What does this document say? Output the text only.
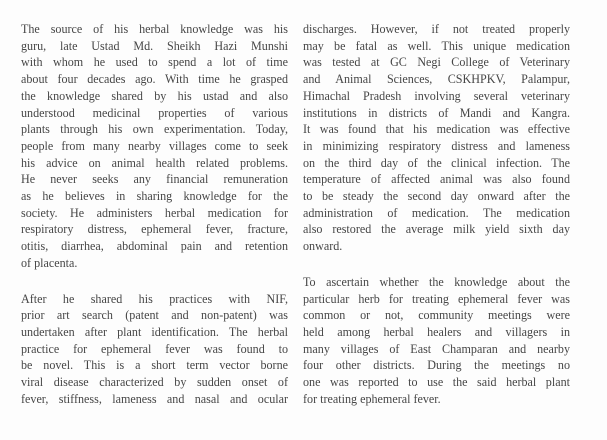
The source of his herbal knowledge was his
guru, late Ustad Md. Sheikh Hazi Munshi
with whom he used to spend a lot of time
about four decades ago. With time he grasped
the knowledge shared by his ustad and also
understood medicinal properties of various
plants through his own experimentation. Today,
people from many nearby villages come to seek
his advice on animal health related problems.
He never seeks any financial remuneration
as he believes in sharing knowledge for the
society. He administers herbal medication for
respiratory distress, ephemeral fever, fracture,
otitis, diarrhea, abdominal pain and retention
of placenta.
After he shared his practices with NIF,
prior art search (patent and non-patent) was
undertaken after plant identification. The herbal
practice for ephemeral fever was found to
be novel. This is a short term vector borne
viral disease characterized by sudden onset of
fever, stiffness, lameness and nasal and ocular
discharges. However, if not treated properly
may be fatal as well. This unique medication
was tested at GC Negi College of Veterinary
and Animal Sciences, CSKHPKV, Palampur,
Himachal Pradesh involving several veterinary
institutions in districts of Mandi and Kangra.
It was found that his medication was effective
in minimizing respiratory distress and lameness
on the third day of the clinical infection. The
temperature of affected animal was also found
to be steady the second day onward after the
administration of medication. The medication
also restored the average milk yield sixth day
onward.
To ascertain whether the knowledge about the
particular herb for treating ephemeral fever was
common or not, community meetings were
held among herbal healers and villagers in
many villages of East Champaran and nearby
four other districts. During the meetings no
one was reported to use the said herbal plant
for treating ephemeral fever.
